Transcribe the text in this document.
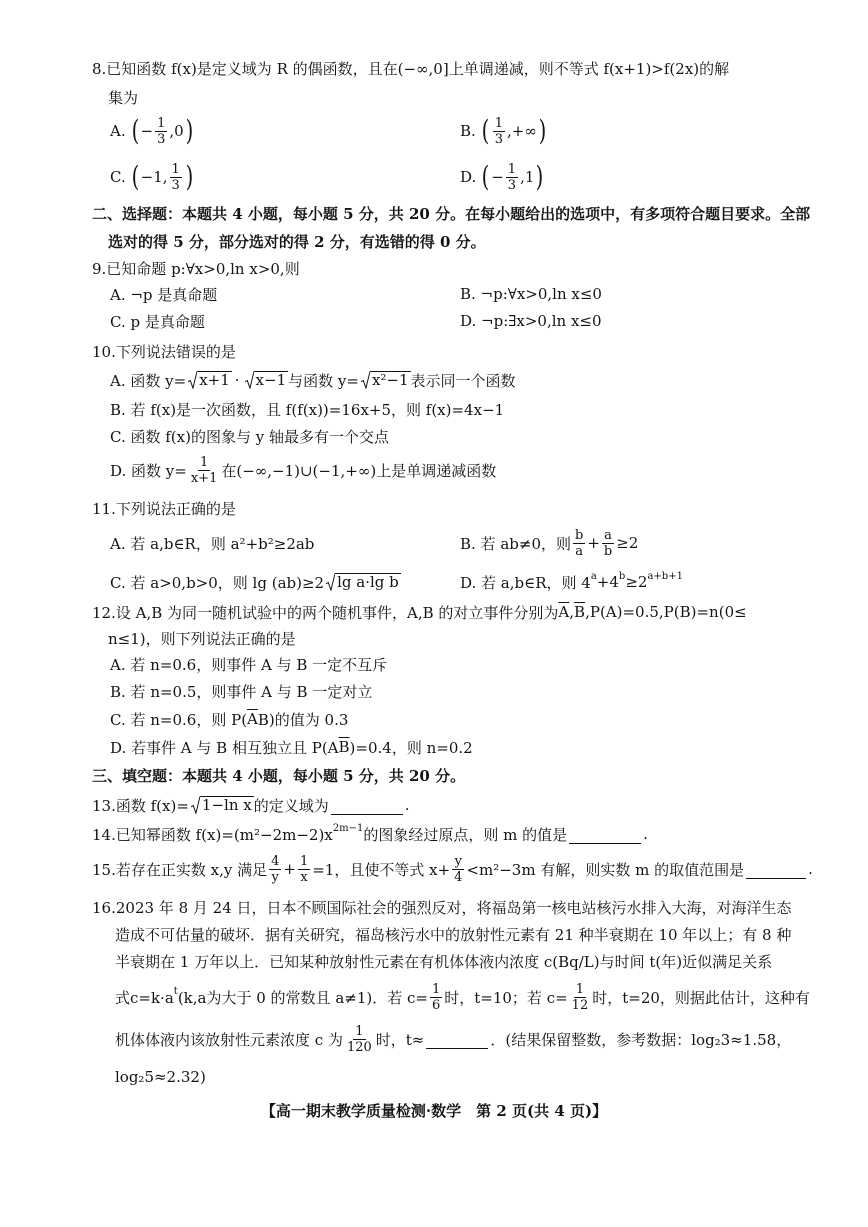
8.已知函数 f(x)是定义域为 R 的偶函数，且在(−∞,0]上单调递减，则不等式 f(x+1)>f(2x)的解
集为
A. ( − $\frac{1}{3} ,0$ )	B. ( $\frac{1}{3}$ ,+∞ )
C. ( −1, $\frac{1}{3}$ )	D. ( − $\frac{1}{3} ,1$ )
二、选择题：本题共 4 小题，每小题 5 分，共 20 分。在每小题给出的选项中，有多项符合题目要求。全部
选对的得 5 分，部分选对的得 2 分，有选错的得 0 分。
9.已知命题 p:∀x>0,ln x>0,则
A. ¬p 是真命题	B. ¬p:∀x>0,ln x≤0
C. p 是真命题	D. ¬p:∃x>0,ln x≤0
10.下列说法错误的是
A. 函数 y= x+1 · x−1 与函数 y= x²−1 表示同一个函数
B. 若 f(x)是一次函数，且 f(f(x))=16x+5，则 f(x)=4x−1
C. 函数 f(x)的图象与 y 轴最多有一个交点
D. 函数 $y= \frac{1}{x+1}$ 在(−∞,−1)∪(−1,+∞)上是单调递减函数
11.下列说法正确的是
A. 若 a,b∈R，则 a²+b²≥2ab	B. 若 ab≠0，则 $\frac{b}{a} + \frac{a}{b} \ge 2$
C. 若 a>0,b>0，则 lg (ab)≥2 lg a·lg b	D. 若 a,b∈R，则 4 a +4 b ≥2 a+b+1
12.设 A,B 为同一随机试验中的两个随机事件，A,B 的对立事件分别为 $\overline{A}$ , $\overline{B}$ ,P(A)=0.5,P(B)=n(0≤
n≤1)，则下列说法正确的是
A. 若 n=0.6，则事件 A 与 B 一定不互斥
B. 若 n=0.5，则事件 A 与 B 一定对立
C. 若 n=0.6，则 P( $\overline{A}$ B)的值为 0.3
D. 若事件 A 与 B 相互独立且 P(A $\overline{B}$ )=0.4，则 n=0.2
三、填空题：本题共 4 小题，每小题 5 分，共 20 分。
13.函数 f(x)= 1−ln x 的定义域为	.
14.已知幂函数 f(x)=(m²−2m−2)x 2m−1 的图象经过原点，则 m 的值是	.
15.若存在正实数 x,y 满足 $\frac{4}{y} + \frac{1}{x} =1$，且使不等式 $x+ \frac{y}{4} <m^2-3m$ 有解，则实数 m 的取值范围是	.
16.2023 年 8 月 24 日，日本不顾国际社会的强烈反对，将福岛第一核电站核污水排入大海，对海洋生态
造成不可估量的破坏．据有关研究，福岛核污水中的放射性元素有 21 种半衰期在 10 年以上；有 8 种
半衰期在 1 万年以上．已知某种放射性元素在有机体体液内浓度 c(Bq/L)与时间 t(年)近似满足关系
式c=k·a t (k,a为大于 0 的常数且 a≠1)．若 $c= \frac{1}{6}$ 时，t=10；若 $c= \frac{1}{12}$ 时，t=20，则据此估计，这种有
机体体液内该放射性元素浓度 c 为 $\frac{1}{120}$ 时，t≈	．(结果保留整数，参考数据：log₂3≈1.58，
log₂5≈2.32)
【高一期末教学质量检测·数学　第 2 页(共 4 页)】
